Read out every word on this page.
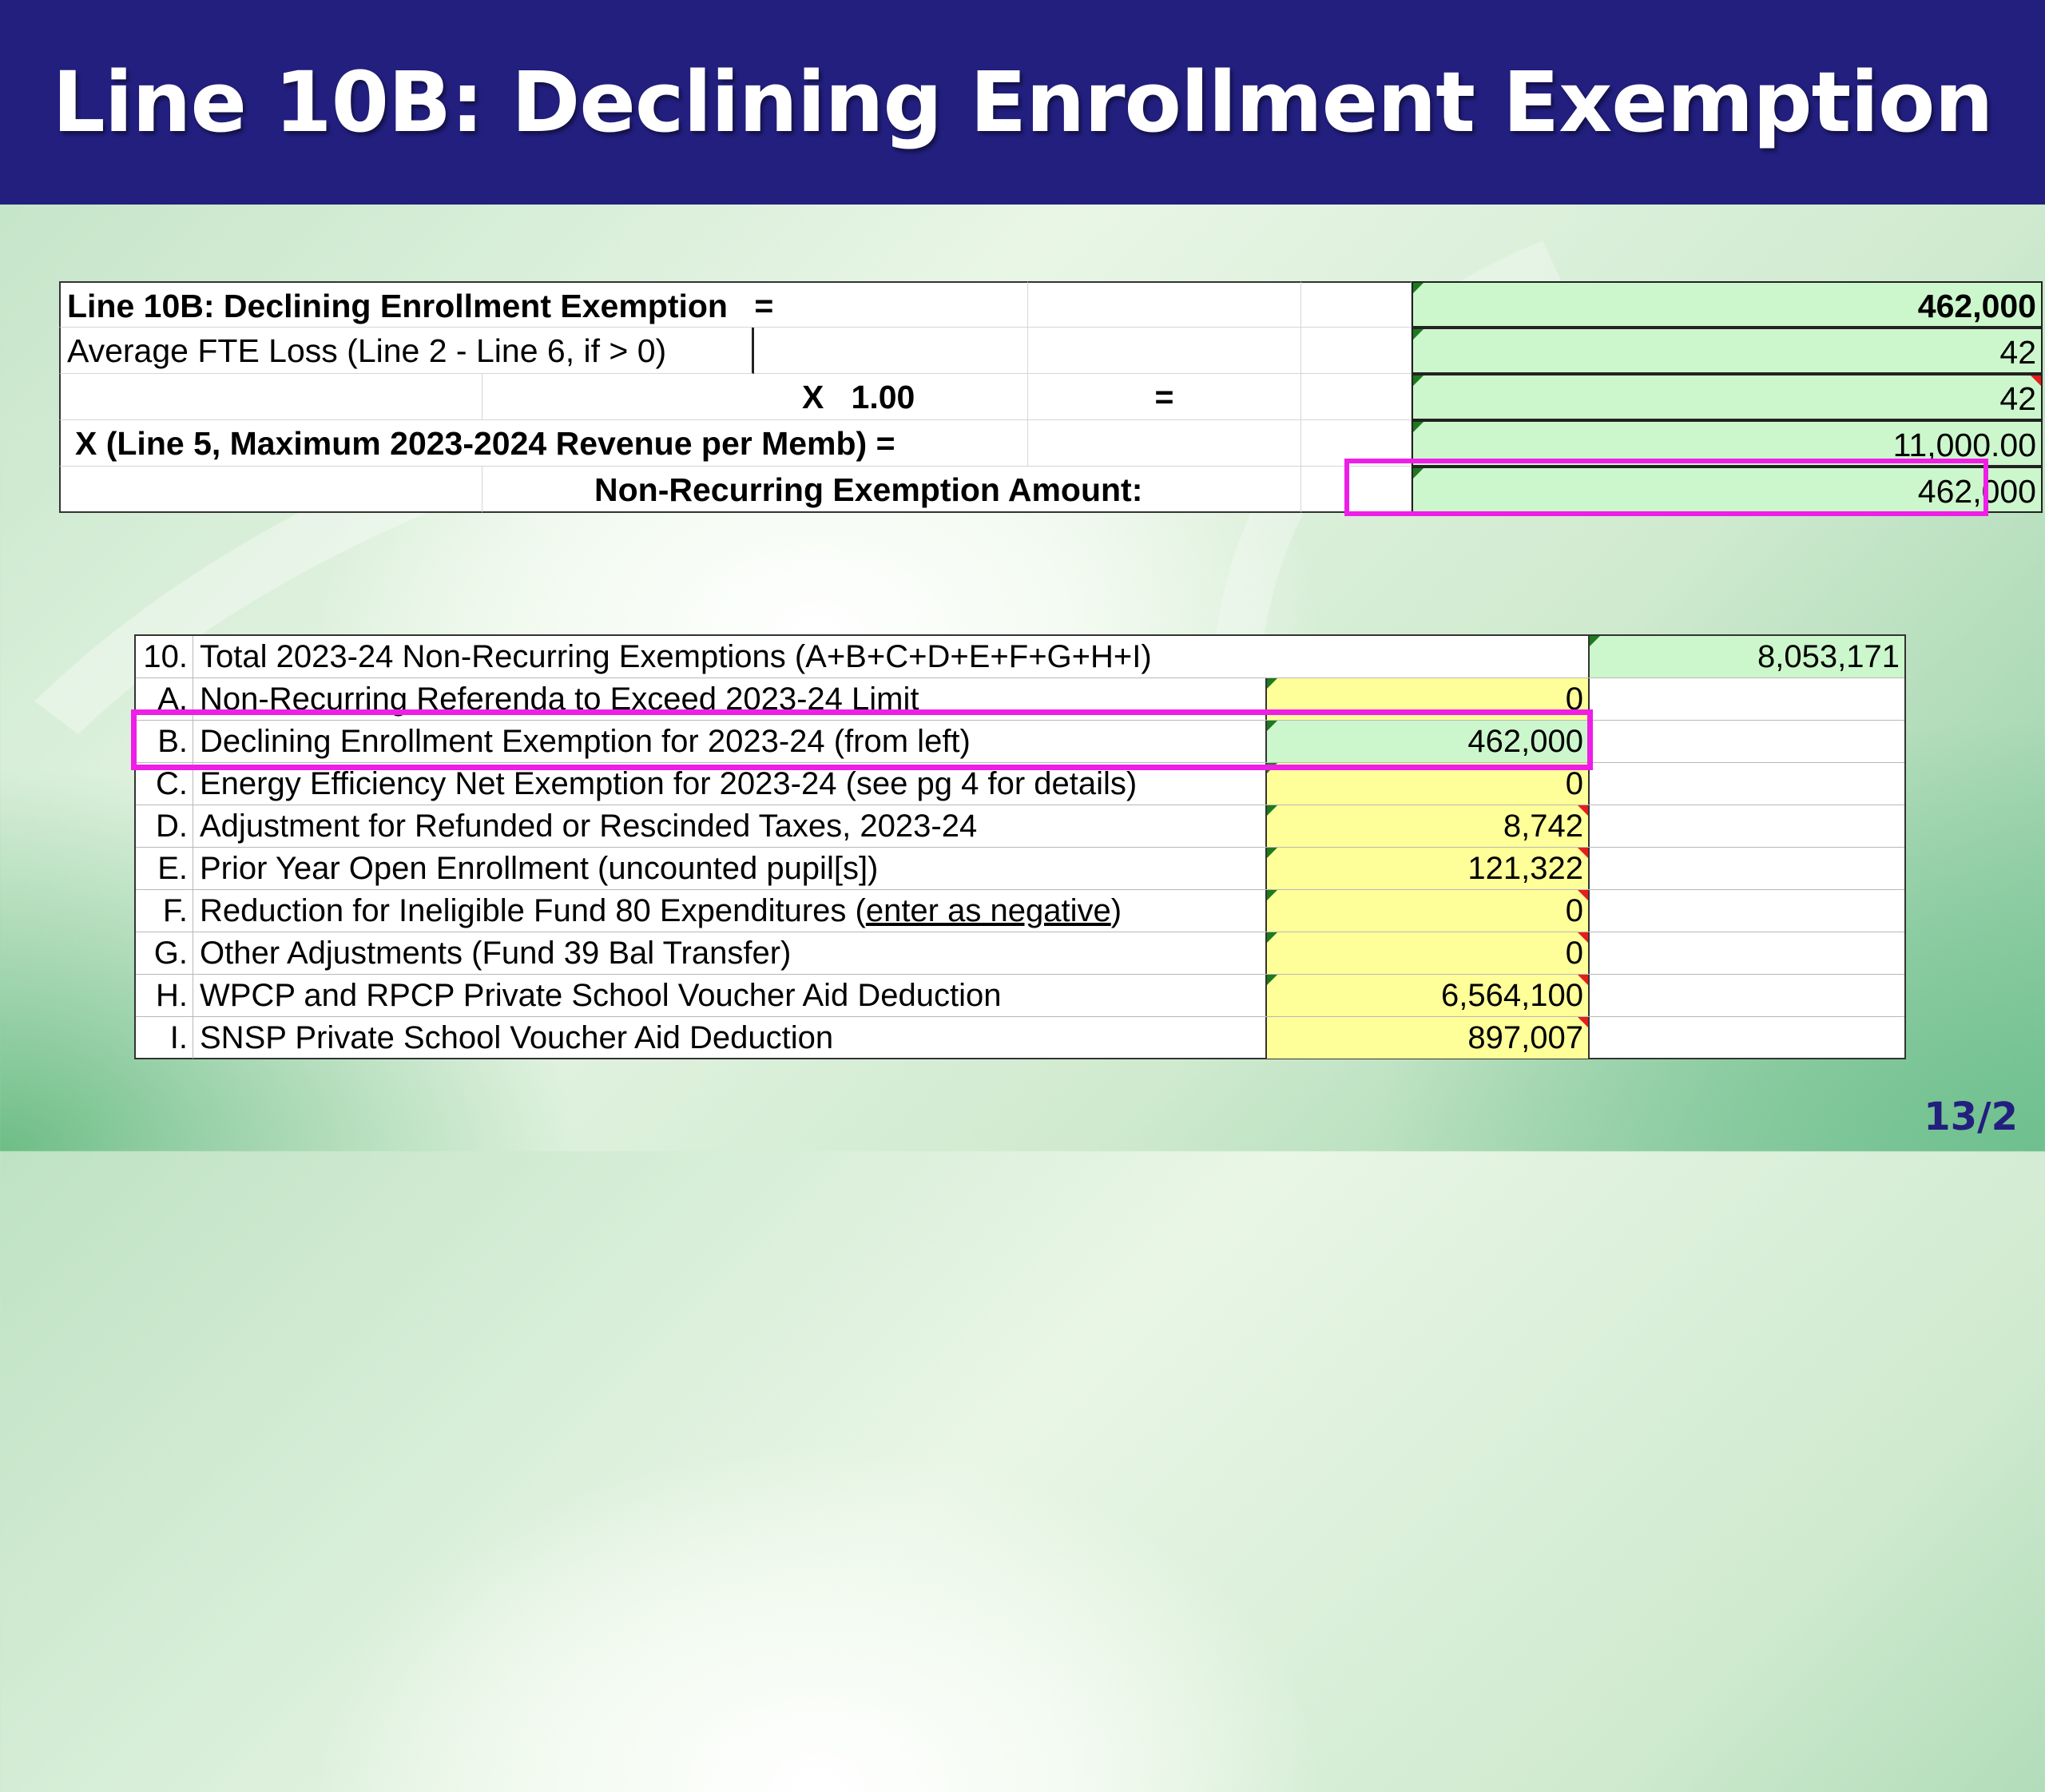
Line 10B: Declining Enrollment Exemption
Line 10B: Declining Enrollment Exemption =	462,000
Average FTE Loss (Line 2 - Line 6, if > 0)	42
X   1.00	=	42
X (Line 5, Maximum 2023-2024 Revenue per Memb) =	11,000.00
Non-Recurring Exemption Amount:	462,000
10. Total 2023-24 Non-Recurring Exemptions (A+B+C+D+E+F+G+H+I)	8,053,171
A. Non-Recurring Referenda to Exceed 2023-24 Limit	0
B. Declining Enrollment Exemption for 2023-24 (from left)	462,000
C. Energy Efficiency Net Exemption for 2023-24 (see pg 4 for details)	0
D. Adjustment for Refunded or Rescinded Taxes, 2023-24	8,742
E. Prior Year Open Enrollment (uncounted pupil[s])	121,322
F. Reduction for Ineligible Fund 80 Expenditures (enter as negative)	0
G. Other Adjustments (Fund 39 Bal Transfer)	0
H. WPCP and RPCP Private School Voucher Aid Deduction	6,564,100
I. SNSP Private School Voucher Aid Deduction	897,007
13/2
